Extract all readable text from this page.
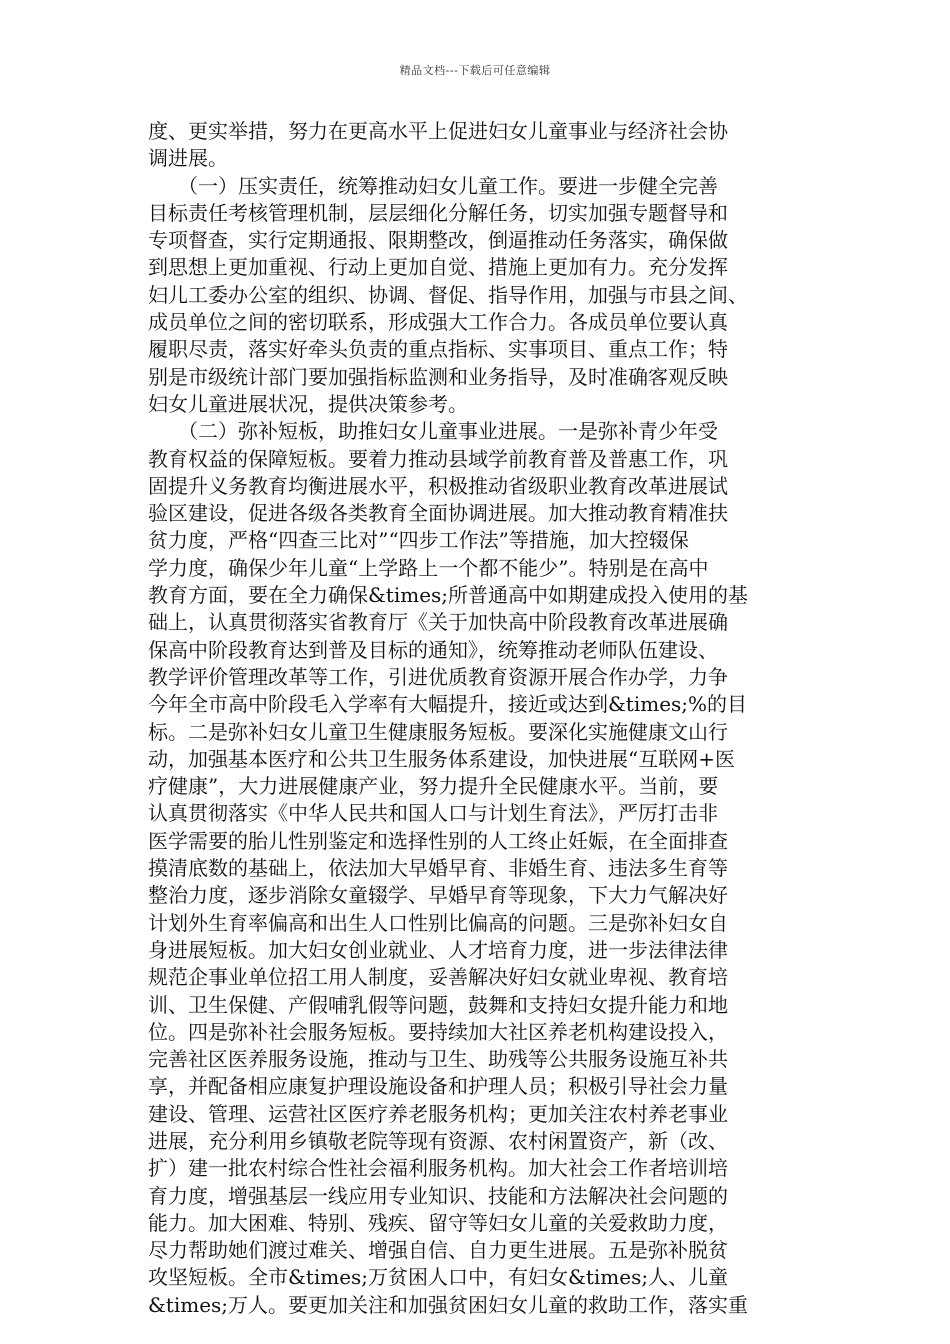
精品文档---下载后可任意编辑
度、更实举措，努力在更高水平上促进妇女儿童事业与经济社会协
调进展。
　　（一）压实责任，统筹推动妇女儿童工作。要进一步健全完善
目标责任考核管理机制，层层细化分解任务，切实加强专题督导和
专项督查，实行定期通报、限期整改，倒逼推动任务落实，确保做
到思想上更加重视、行动上更加自觉、措施上更加有力。充分发挥
妇儿工委办公室的组织、协调、督促、指导作用，加强与市县之间、
成员单位之间的密切联系，形成强大工作合力。各成员单位要认真
履职尽责，落实好牵头负责的重点指标、实事项目、重点工作；特
别是市级统计部门要加强指标监测和业务指导，及时准确客观反映
妇女儿童进展状况，提供决策参考。
　　（二）弥补短板，助推妇女儿童事业进展。一是弥补青少年受
教育权益的保障短板。要着力推动县域学前教育普及普惠工作，巩
固提升义务教育均衡进展水平，积极推动省级职业教育改革进展试
验区建设，促进各级各类教育全面协调进展。加大推动教育精准扶
贫力度，严格“四查三比对”“四步工作法”等措施，加大控辍保
学力度，确保少年儿童“上学路上一个都不能少”。特别是在高中
教育方面，要在全力确保&times;所普通高中如期建成投入使用的基
础上，认真贯彻落实省教育厅《关于加快高中阶段教育改革进展确
保高中阶段教育达到普及目标的通知》，统筹推动老师队伍建设、
教学评价管理改革等工作，引进优质教育资源开展合作办学，力争
今年全市高中阶段毛入学率有大幅提升，接近或达到&times;%的目
标。二是弥补妇女儿童卫生健康服务短板。要深化实施健康文山行
动，加强基本医疗和公共卫生服务体系建设，加快进展“互联网+医
疗健康”，大力进展健康产业，努力提升全民健康水平。当前，要
认真贯彻落实《中华人民共和国人口与计划生育法》，严厉打击非
医学需要的胎儿性别鉴定和选择性别的人工终止妊娠，在全面排查
摸清底数的基础上，依法加大早婚早育、非婚生育、违法多生育等
整治力度，逐步消除女童辍学、早婚早育等现象，下大力气解决好
计划外生育率偏高和出生人口性别比偏高的问题。三是弥补妇女自
身进展短板。加大妇女创业就业、人才培育力度，进一步法律法律
规范企事业单位招工用人制度，妥善解决好妇女就业卑视、教育培
训、卫生保健、产假哺乳假等问题，鼓舞和支持妇女提升能力和地
位。四是弥补社会服务短板。要持续加大社区养老机构建设投入，
完善社区医养服务设施，推动与卫生、助残等公共服务设施互补共
享，并配备相应康复护理设施设备和护理人员；积极引导社会力量
建设、管理、运营社区医疗养老服务机构；更加关注农村养老事业
进展，充分利用乡镇敬老院等现有资源、农村闲置资产，新（改、
扩）建一批农村综合性社会福利服务机构。加大社会工作者培训培
育力度，增强基层一线应用专业知识、技能和方法解决社会问题的
能力。加大困难、特别、残疾、留守等妇女儿童的关爱救助力度，
尽力帮助她们渡过难关、增强自信、自力更生进展。五是弥补脱贫
攻坚短板。全市&times;万贫困人口中，有妇女&times;人、儿童
&times;万人。要更加关注和加强贫困妇女儿童的救助工作，落实重
